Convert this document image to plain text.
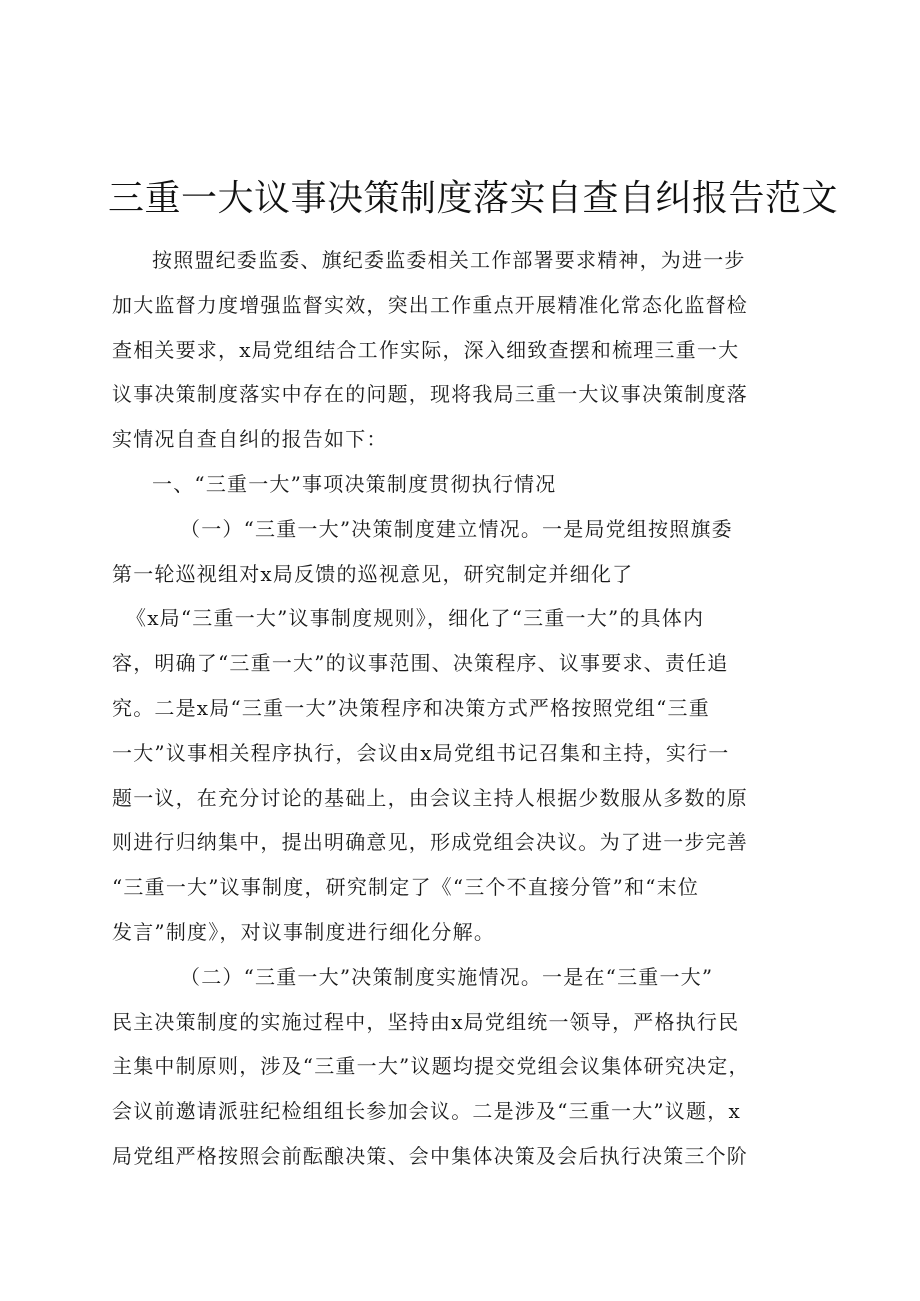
三重一大议事决策制度落实自查自纠报告范文
按照盟纪委监委、旗纪委监委相关工作部署要求精神，为进一步
加大监督力度增强监督实效，突出工作重点开展精准化常态化监督检
查相关要求，x局党组结合工作实际，深入细致查摆和梳理三重一大
议事决策制度落实中存在的问题，现将我局三重一大议事决策制度落
实情况自查自纠的报告如下：
一、“三重一大”事项决策制度贯彻执行情况
（一）“三重一大”决策制度建立情况。一是局党组按照旗委
第一轮巡视组对x局反馈的巡视意见，研究制定并细化了
《x局“三重一大”议事制度规则》，细化了“三重一大”的具体内
容，明确了“三重一大”的议事范围、决策程序、议事要求、责任追
究。二是x局“三重一大”决策程序和决策方式严格按照党组“三重
一大”议事相关程序执行，会议由x局党组书记召集和主持，实行一
题一议，在充分讨论的基础上，由会议主持人根据少数服从多数的原
则进行归纳集中，提出明确意见，形成党组会决议。为了进一步完善
“三重一大”议事制度，研究制定了《“三个不直接分管”和“末位
发言”制度》，对议事制度进行细化分解。
（二）“三重一大”决策制度实施情况。一是在“三重一大”
民主决策制度的实施过程中，坚持由x局党组统一领导，严格执行民
主集中制原则，涉及“三重一大”议题均提交党组会议集体研究决定，
会议前邀请派驻纪检组组长参加会议。二是涉及“三重一大”议题，x
局党组严格按照会前酝酿决策、会中集体决策及会后执行决策三个阶
